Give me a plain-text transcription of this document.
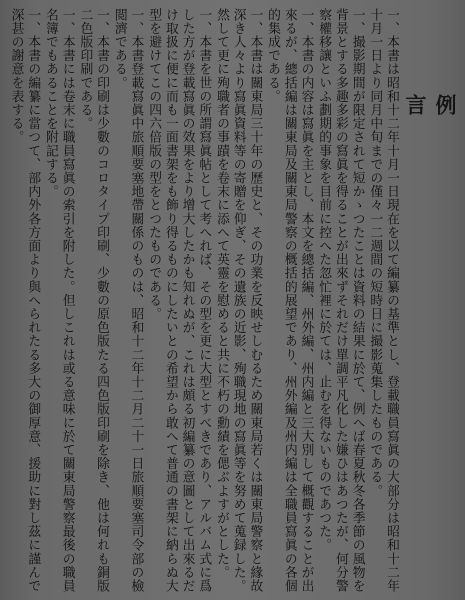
例　言

一、本書は昭和十二年十月一日現在を以て編纂の基準とし、登載職員寫眞の大部分は昭和十二年十月一日より同月中旬までの僅々一二週間の短時日に撮影蒐集したものである。

一、撮影期間が限定されて短かゝつたことは資料の結果に於て、例へば春夏秋冬各季節の風物を背景とする多趣多彩の寫眞を得ることが出來ずそれだけ單調平凡化した嫌ひはあつたが、何分警察權移讓といふ劃期的事象を目前に控へた忽忙裡に於ては、止むを得ないものであつた。

一、本書の内容は寫眞を主とし、本文を總括編、州外編、州内編と三大別して概觀することが出來るが、總括編は關東局及關東局警察の概括的展望であり、州外編及州内編は全職員寫眞の各個的集成である。

一、本書は關東局三十年の歷史と、その功業を反映せしむるため關東局若くは關東局警察と緣故深き人々より寫眞資料等の寄贈を仰ぎ、その遺族の近影、殉職現地の寫眞等を努めて蒐録した。然して更に殉職者の事蹟を卷末に添へて英靈を慰めると共に不朽の勳績を偲ぶよすがとした。

一、本書を世の所謂寫眞帖として考へれば、その型を更に大型とすべきであり、アルバム式に爲した方が登載寫眞の效果をより增大したかも知れぬが、これは頗る初編纂の意圖として出來るだけ取扱に便に而も一面書架をも飾り得るものにしたいとの希望から敢へて普通の書架に納らぬ大型を避けてこの四六倍版の型をとつたものである。

一、本書登載寫眞中旅順要塞地帶關係のものは、昭和十二年十二月二十一日旅順要塞司令部の檢閲濟である。

一、本書の印刷は少數のコロタイプ印刷、少數の原色版たる四色版印刷を除き、他は何れも銅版二色版印刷である。

一、本書には卷末に職員寫眞の索引を附した。但しこれは或る意味に於て關東局警察最後の職員名簿でもあることを附記する。

一、本書の編纂に當つて、部内外各方面より與へられたる多大の御厚意、援助に對し茲に謹んで深甚の謝意を表する。
